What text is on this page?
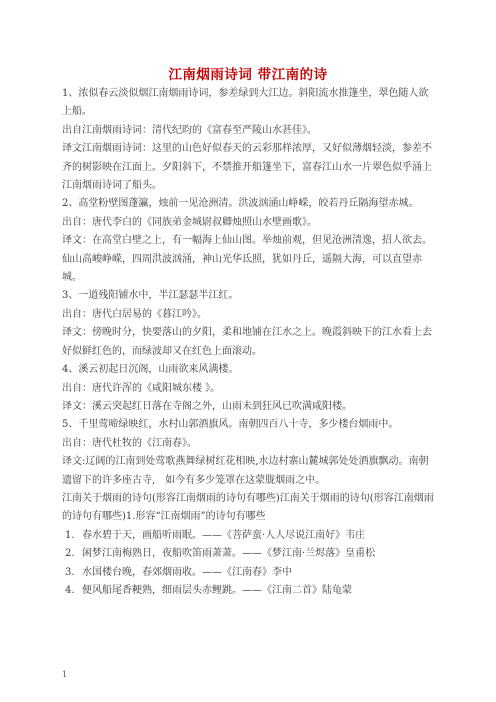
江南烟雨诗词 带江南的诗

1、浓似春云淡似烟江南烟雨诗词，参差绿到大江边。斜阳流水推篷坐，翠色随人欲上船。

出自江南烟雨诗词：清代纪昀的《富春至严陵山水甚佳》。

译文江南烟雨诗词：这里的山色好似春天的云彩那样浓厚，又好似薄烟轻淡，参差不齐的树影映在江面上。夕阳斜下，不禁推开船篷坐下，富春江山水一片翠色似乎涌上江南烟雨诗词了船头。

2、高堂粉壁图蓬瀛，烛前一见沧洲清。洪波汹涌山峥嵘，皎若丹丘隔海望赤城。

出自：唐代李白的《同族弟金城尉叔卿烛照山水壁画歌》。

译文：在高堂白壁之上，有一幅海上仙山图。举烛前观，但见沧洲清逸，招人欲去。仙山高峻峥嵘，四周洪波汹涌，神山光华氐照，犹如丹丘，遥隔大海，可以直望赤城。

3、一道残阳铺水中，半江瑟瑟半江红。

出自：唐代白居易的《暮江吟》。

译文：傍晚时分，快要落山的夕阳，柔和地铺在江水之上。晚霞斜映下的江水看上去好似鲜红色的，而绿波却又在红色上面滚动。

4、溪云初起日沉阁，山雨欲来风满楼。

出自：唐代许浑的《咸阳城东楼 》。

译文：溪云突起红日落在寺阁之外，山雨未到狂风已吹满咸阳楼。

5、千里莺啼绿映红，水村山郭酒旗风。南朝四百八十寺，多少楼台烟雨中。

出自：唐代杜牧的《江南春》。

译文:辽阔的江南到处莺歌燕舞绿树红花相映,水边村寨山麓城郭处处酒旗飘动。南朝遗留下的许多座古寺,　如今有多少笼罩在这蒙胧烟雨之中。

江南关于烟雨的诗句(形容江南烟雨的诗句有哪些)江南关于烟雨的诗句(形容江南烟雨的诗句有哪些)1.形容“江南烟雨”的诗句有哪些

1. 春水碧于天，画船听雨眠。——《菩萨蛮·人人尽说江南好》韦庄
2. 闲梦江南梅熟日，夜船吹笛雨萧萧。——《梦江南·兰烬落》皇甫松
3. 水国楼台晚，春郊烟雨收。——《江南春》李中
4. 便风船尾香粳熟，细雨层头赤鲤跳。——《江南二首》陆龟蒙
1
